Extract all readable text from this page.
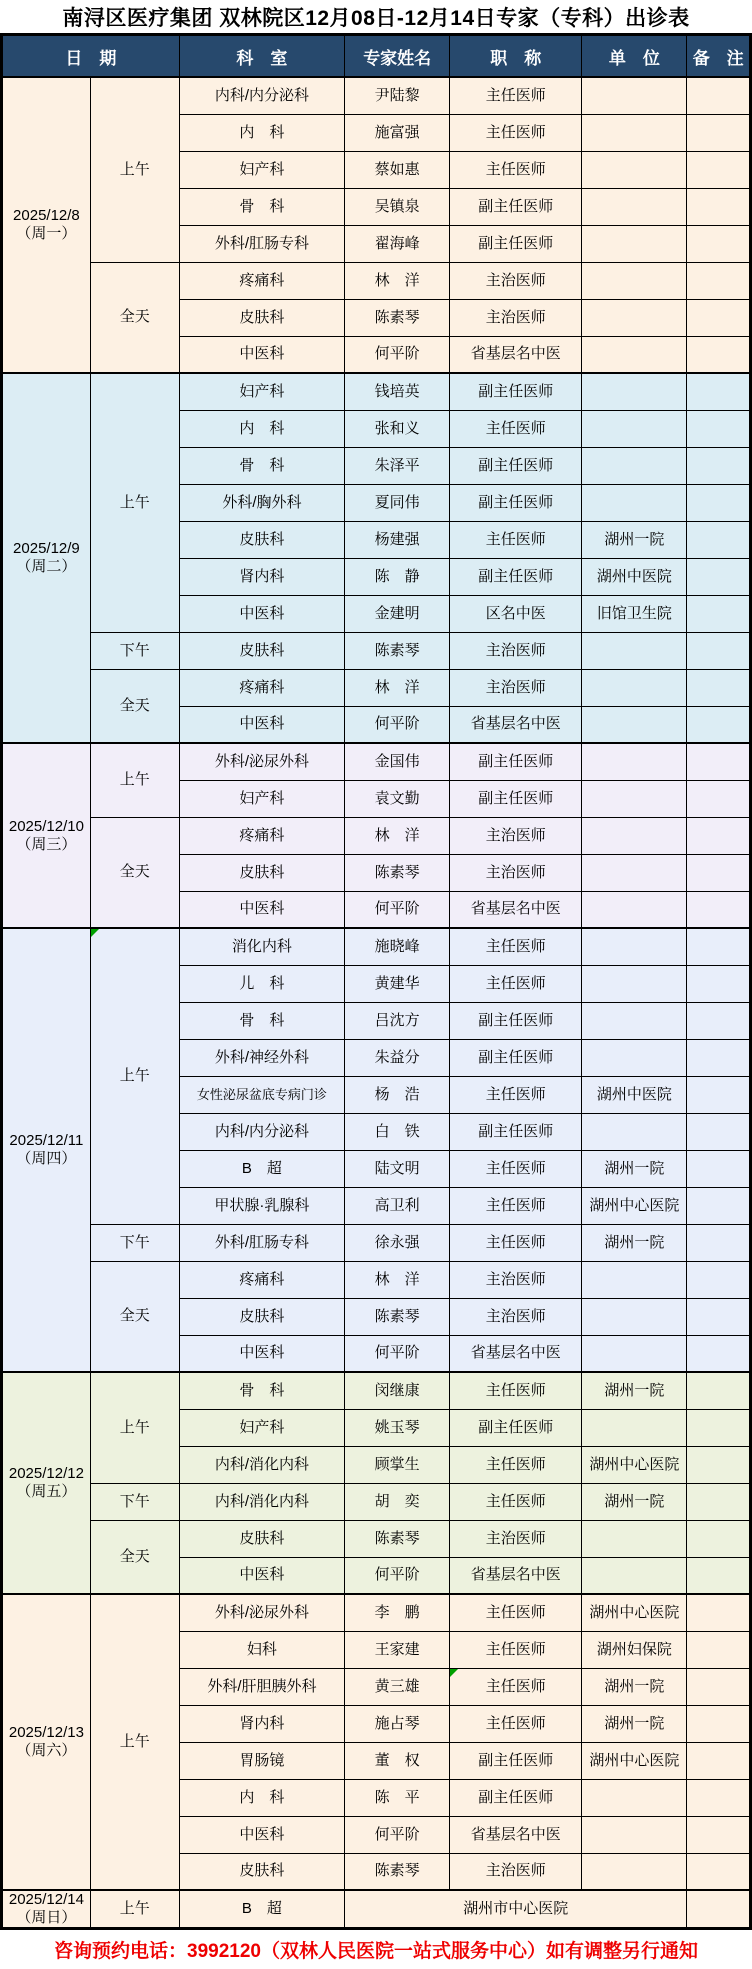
南浔区医疗集团 双林院区12月08日-12月14日专家（专科）出诊表
日　期		科　室	专家姓名	职　称	单　位	备　注

2025/12/8
（周一）	上午	内科/内分泌科	尹陆黎	主任医师		
		内　科	施富强	主任医师		
		妇产科	蔡如惠	主任医师		
		骨　科	吴镇泉	副主任医师		
		外科/肛肠专科	翟海峰	副主任医师		
	全天	疼痛科	林　洋	主治医师		
		皮肤科	陈素琴	主治医师		
		中医科	何平阶	省基层名中医		

2025/12/9
（周二）	上午	妇产科	钱培英	副主任医师		
		内　科	张和义	主任医师		
		骨　科	朱泽平	副主任医师		
		外科/胸外科	夏同伟	副主任医师		
		皮肤科	杨建强	主任医师	湖州一院	
		肾内科	陈　静	副主任医师	湖州中医院	
		中医科	金建明	区名中医	旧馆卫生院	
	下午	皮肤科	陈素琴	主治医师		
	全天	疼痛科	林　洋	主治医师		
		中医科	何平阶	省基层名中医		

2025/12/10
（周三）	上午	外科/泌尿外科	金国伟	副主任医师		
		妇产科	袁文勤	副主任医师		
	全天	疼痛科	林　洋	主治医师		
		皮肤科	陈素琴	主治医师		
		中医科	何平阶	省基层名中医		

2025/12/11
（周四）	上午	消化内科	施晓峰	主任医师		
		儿　科	黄建华	主任医师		
		骨　科	吕沈方	副主任医师		
		外科/神经外科	朱益分	副主任医师		
		女性泌尿盆底专病门诊	杨　浩	主任医师	湖州中医院	
		内科/内分泌科	白　铁	副主任医师		
		B　超	陆文明	主任医师	湖州一院	
		甲状腺·乳腺科	高卫利	主任医师	湖州中心医院	
	下午	外科/肛肠专科	徐永强	主任医师	湖州一院	
	全天	疼痛科	林　洋	主治医师		
		皮肤科	陈素琴	主治医师		
		中医科	何平阶	省基层名中医		

2025/12/12
（周五）	上午	骨　科	闵继康	主任医师	湖州一院	
		妇产科	姚玉琴	副主任医师		
		内科/消化内科	顾掌生	主任医师	湖州中心医院	
	下午	内科/消化内科	胡　奕	主任医师	湖州一院	
	全天	皮肤科	陈素琴	主治医师		
		中医科	何平阶	省基层名中医		

2025/12/13
（周六）	上午	外科/泌尿外科	李　鹏	主任医师	湖州中心医院	
		妇科	王家建	主任医师	湖州妇保院	
		外科/肝胆胰外科	黄三雄	主任医师	湖州一院	
		肾内科	施占琴	主任医师	湖州一院	
		胃肠镜	董　权	副主任医师	湖州中心医院	
		内　科	陈　平	副主任医师		
		中医科	何平阶	省基层名中医		
		皮肤科	陈素琴	主治医师		

2025/12/14
（周日）	上午	B　超	湖州市中心医院			
咨询预约电话：3992120（双林人民医院一站式服务中心）如有调整另行通知
